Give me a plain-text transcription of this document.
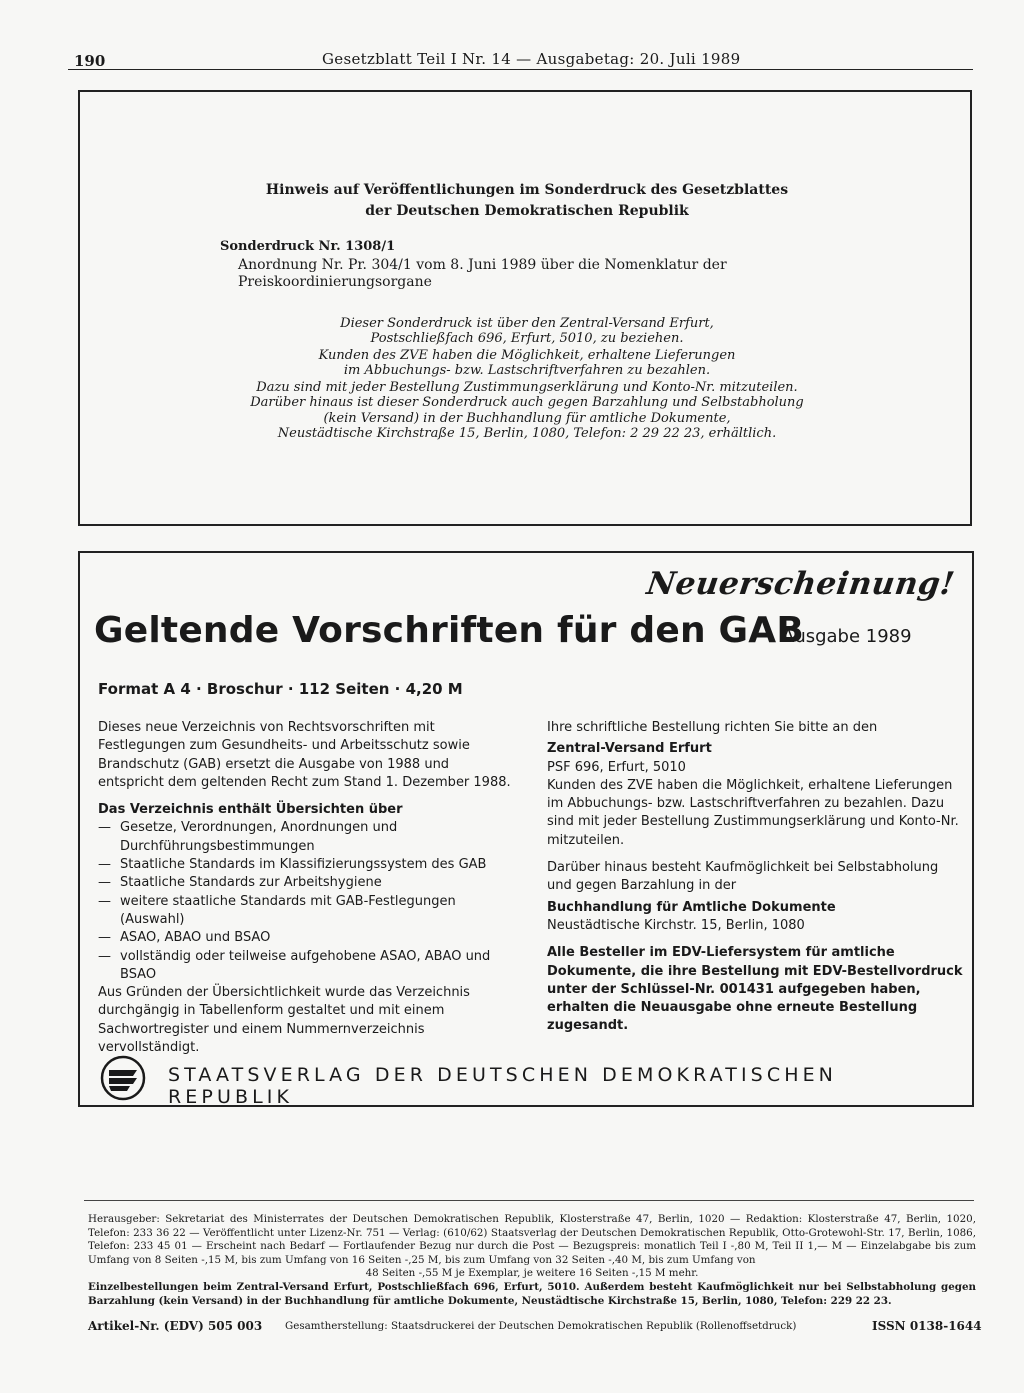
190	Gesetzblatt Teil I Nr. 14 — Ausgabetag: 20. Juli 1989
Hinweis auf Veröffentlichungen im Sonderdruck des Gesetzblattes
der Deutschen Demokratischen Republik
Sonderdruck Nr. 1308/1
Anordnung Nr. Pr. 304/1 vom 8. Juni 1989 über die Nomenklatur der Preiskoordinierungsorgane
Dieser Sonderdruck ist über den Zentral-Versand Erfurt,
Postschließfach 696, Erfurt, 5010, zu beziehen.
Kunden des ZVE haben die Möglichkeit, erhaltene Lieferungen
im Abbuchungs- bzw. Lastschriftverfahren zu bezahlen.
Dazu sind mit jeder Bestellung Zustimmungserklärung und Konto-Nr. mitzuteilen.
Darüber hinaus ist dieser Sonderdruck auch gegen Barzahlung und Selbstabholung
(kein Versand) in der Buchhandlung für amtliche Dokumente,
Neustädtische Kirchstraße 15, Berlin, 1080, Telefon: 2 29 22 23, erhältlich.
Neuerscheinung!
Geltende Vorschriften für den GAB
Ausgabe 1989
Format A 4 · Broschur · 112 Seiten · 4,20 M

Dieses neue Verzeichnis von Rechtsvorschriften mit Festlegungen zum Gesundheits- und Arbeitsschutz sowie Brandschutz (GAB) ersetzt die Ausgabe von 1988 und entspricht dem geltenden Recht zum Stand 1. Dezember 1988.

Das Verzeichnis enthält Übersichten über

— Gesetze, Verordnungen, Anordnungen und Durchführungsbestimmungen
— Staatliche Standards im Klassifizierungssystem des GAB
— Staatliche Standards zur Arbeitshygiene
— weitere staatliche Standards mit GAB-Festlegungen (Auswahl)
— ASAO, ABAO und BSAO
— vollständig oder teilweise aufgehobene ASAO, ABAO und BSAO

Aus Gründen der Übersichtlichkeit wurde das Verzeichnis durchgängig in Tabellenform gestaltet und mit einem Sachwortregister und einem Nummernverzeichnis vervollständigt.

Ihre schriftliche Bestellung richten Sie bitte an den

Zentral-Versand Erfurt

PSF 696, Erfurt, 5010

Kunden des ZVE haben die Möglichkeit, erhaltene Lieferungen im Abbuchungs- bzw. Lastschriftverfahren zu bezahlen. Dazu sind mit jeder Bestellung Zustimmungserklärung und Konto-Nr. mitzuteilen.

Darüber hinaus besteht Kaufmöglichkeit bei Selbstabholung und gegen Barzahlung in der

Buchhandlung für Amtliche Dokumente

Neustädtische Kirchstr. 15, Berlin, 1080

Alle Besteller im EDV-Liefersystem für amtliche Dokumente, die ihre Bestellung mit EDV-Bestellvordruck unter der Schlüssel-Nr. 001431 aufgegeben haben, erhalten die Neuausgabe ohne erneute Bestellung zugesandt.

STAATSVERLAG DER DEUTSCHEN DEMOKRATISCHEN REPUBLIK

Herausgeber: Sekretariat des Ministerrates der Deutschen Demokratischen Republik, Klosterstraße 47, Berlin, 1020 — Redaktion: Klosterstraße 47, Berlin, 1020, Telefon: 233 36 22 — Veröffentlicht unter Lizenz-Nr. 751 — Verlag: (610/62) Staatsverlag der Deutschen Demokratischen Republik, Otto-Grotewohl-Str. 17, Berlin, 1086, Telefon: 233 45 01 — Erscheint nach Bedarf — Fortlaufender Bezug nur durch die Post — Bezugspreis: monatlich Teil I -,80 M, Teil II 1,— M — Einzelabgabe bis zum Umfang von 8 Seiten -,15 M, bis zum Umfang von 16 Seiten -,25 M, bis zum Umfang von 32 Seiten -,40 M, bis zum Umfang von

48 Seiten -,55 M je Exemplar, je weitere 16 Seiten -,15 M mehr.

Einzelbestellungen beim Zentral-Versand Erfurt, Postschließfach 696, Erfurt, 5010. Außerdem besteht Kaufmöglichkeit nur bei Selbstabholung gegen Barzahlung (kein Versand) in der Buchhandlung für amtliche Dokumente, Neustädtische Kirchstraße 15, Berlin, 1080, Telefon: 229 22 23.

Artikel-Nr. (EDV) 505 003 Gesamtherstellung: Staatsdruckerei der Deutschen Demokratischen Republik (Rollenoffsetdruck)	ISSN 0138-1644
